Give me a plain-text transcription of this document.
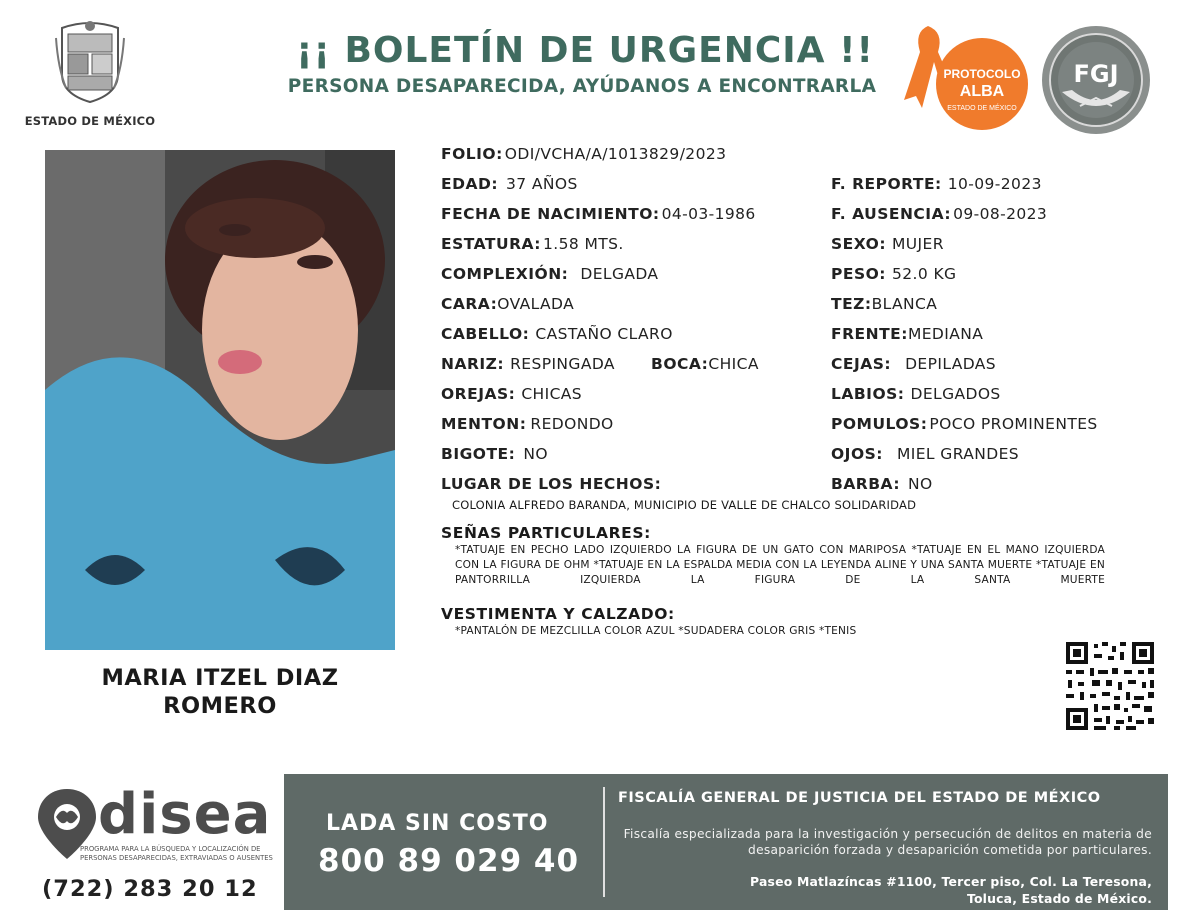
ESTADO DE MÉXICO
¡¡ BOLETÍN DE URGENCIA !!
PERSONA DESAPARECIDA, AYÚDANOS A ENCONTRARLA
PROTOCOLO
ALBA
ESTADO DE MÉXICO
FGJ
MARIA ITZEL DIAZ
ROMERO
FOLIO: ODI/VCHA/A/1013829/2023
EDAD: 37 AÑOS
FECHA DE NACIMIENTO: 04-03-1986
ESTATURA: 1.58 MTS.
COMPLEXIÓN: DELGADA
CARA:OVALADA
CABELLO: CASTAÑO CLARO
NARIZ: RESPINGADA BOCA:CHICA
OREJAS: CHICAS
MENTON: REDONDO
BIGOTE: NO
LUGAR DE LOS HECHOS:
COLONIA ALFREDO BARANDA, MUNICIPIO DE VALLE DE CHALCO SOLIDARIDAD
F. REPORTE: 10-09-2023
F. AUSENCIA: 09-08-2023
SEXO: MUJER
PESO: 52.0 KG
TEZ:BLANCA
FRENTE:MEDIANA
CEJAS: DEPILADAS
LABIOS: DELGADOS
POMULOS: POCO PROMINENTES
OJOS: MIEL GRANDES
BARBA: NO
SEÑAS PARTICULARES:
*TATUAJE EN PECHO LADO IZQUIERDO LA FIGURA DE UN GATO CON MARIPOSA *TATUAJE EN EL MANO IZQUIERDA CON LA FIGURA DE OHM *TATUAJE EN LA ESPALDA MEDIA CON LA LEYENDA ALINE Y UNA SANTA MUERTE *TATUAJE EN PANTORRILLA IZQUIERDA LA FIGURA DE LA SANTA MUERTE
VESTIMENTA Y CALZADO:
*PANTALÓN DE MEZCLILLA COLOR AZUL *SUDADERA COLOR GRIS *TENIS
disea
PROGRAMA PARA LA BÚSQUEDA Y LOCALIZACIÓN DE PERSONAS DESAPARECIDAS, EXTRAVIADAS O AUSENTES
(722) 283 20 12
LADA SIN COSTO
800 89 029 40
FISCALÍA GENERAL DE JUSTICIA DEL ESTADO DE MÉXICO
Fiscalía especializada para la investigación y persecución de delitos en materia de desaparición forzada y desaparición cometida por particulares.
Paseo Matlazíncas #1100, Tercer piso, Col. La Teresona,
Toluca, Estado de México.
